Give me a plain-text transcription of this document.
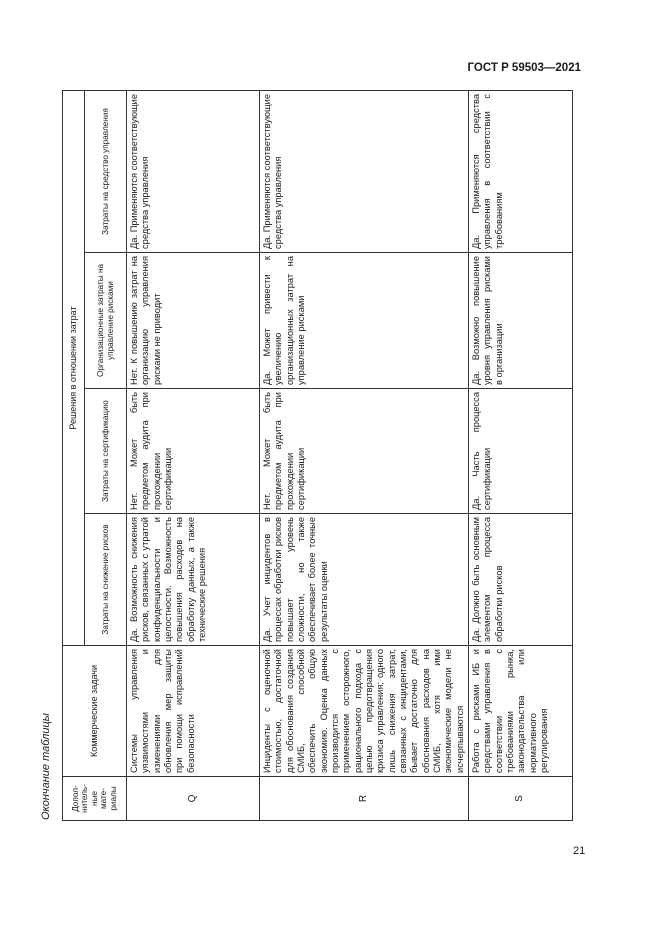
ГОСТ Р 59503—2021
Окончание таблицы Допол-нитель-ные мате-риалы	Коммерческие задачи	Решения в отношении затрат			
		Затраты на снижение рисков	Затраты на сертификацию	Организационные затраты на управление рисками	Затраты на средство управления
Q	Системы управления уязвимостями и изменениями для обновления мер защиты при помощи исправлений безопасности	Да. Возможность снижения рисков, связанных с утратой конфиденциальности и целостности. Возможность повышения расходов на обработку данных, а также технические решения	Нет. Может быть предметом аудита при прохождении сертификации	Нет. К повышению затрат на организацию управления рисками не приводит	Да. Применяются соответствующие средства управления
R	Инциденты с оценочной стоимостью, достаточной для обоснования создания СМИБ, способной обеспечить общую экономию. Оценка данных производится с применением осторожного, рационального подхода с целью предотвращения кризиса управления; одного лишь снижения затрат, связанных с инцидентами, бывает достаточно для обоснования расходов на СМИБ, хотя ими экономические модели не исчерпываются	Да. Учет инцидентов в процессах обработки рисков повышает уровень сложности, но также обеспечивает более точные результаты оценки	Нет. Может быть предметом аудита при прохождении сертификации	Да. Может привести к увеличению организационных затрат на управление рисками	Да. Применяются соответствующие средства управления
S	Работа с рисками ИБ и средствами управления в соответствии с требованиями рынка, законодательства или нормативного регулирования	Да. Должно быть основным элементом процесса обработки рисков	Да. Часть процесса сертификации	Да. Возможно повышение уровня управления рисками в организации	Да. Применяются средства управления в соответствии с требованиям
21
